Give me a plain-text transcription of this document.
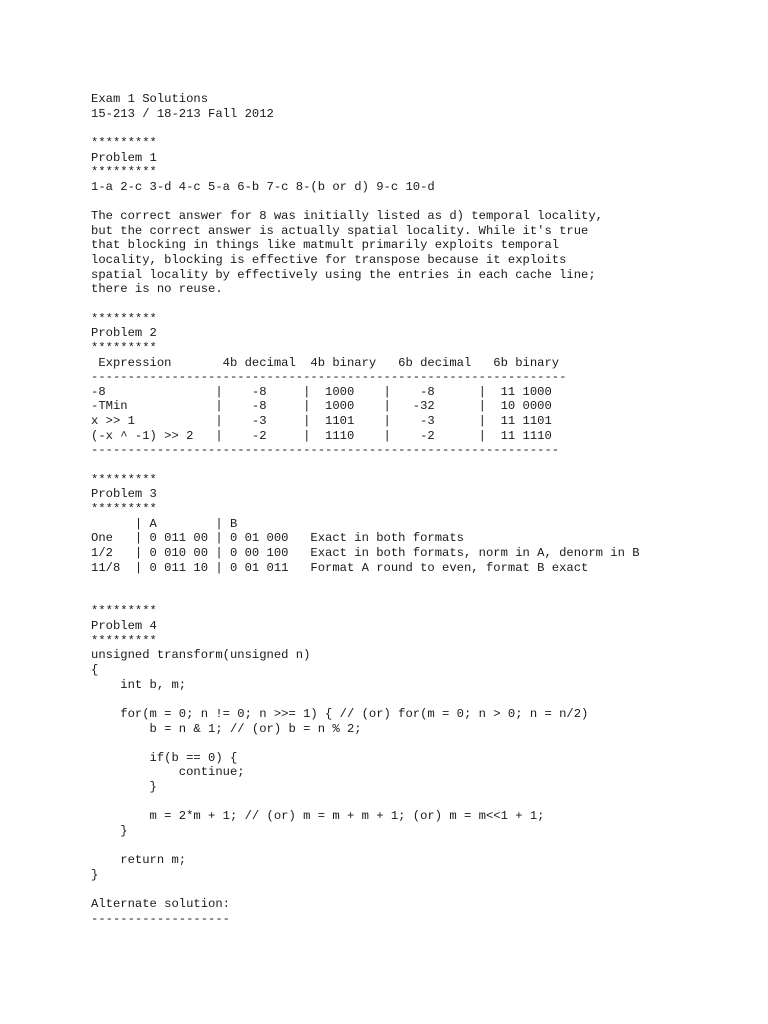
Exam 1 Solutions
15-213 / 18-213 Fall 2012
*********
Problem 1
*********
1-a 2-c 3-d 4-c 5-a 6-b 7-c 8-(b or d) 9-c 10-d
The correct answer for 8 was initially listed as d) temporal locality,
but the correct answer is actually spatial locality. While it's true
that blocking in things like matmult primarily exploits temporal
locality, blocking is effective for transpose because it exploits
spatial locality by effectively using the entries in each cache line;
there is no reuse.
*********
Problem 2
*********
Expression       4b decimal  4b binary   6b decimal   6b binary
-----------------------------------------------------------------
-8               |    -8     |  1000    |    -8      |  11 1000
-TMin            |    -8     |  1000    |   -32      |  10 0000
x >> 1           |    -3     |  1101    |    -3      |  11 1101
(-x ^ -1) >> 2   |    -2     |  1110    |    -2      |  11 1110
----------------------------------------------------------------
*********
Problem 3
*********
| A        | B
One   | 0 011 00 | 0 01 000   Exact in both formats
1/2   | 0 010 00 | 0 00 100   Exact in both formats, norm in A, denorm in B
11/8  | 0 011 10 | 0 01 011   Format A round to even, format B exact
*********
Problem 4
*********
unsigned transform(unsigned n)
{
int b, m;
for(m = 0; n != 0; n >>= 1) { // (or) for(m = 0; n > 0; n = n/2)
b = n & 1; // (or) b = n % 2;
if(b == 0) {
continue;
}
m = 2*m + 1; // (or) m = m + m + 1; (or) m = m<<1 + 1;
}
return m;
}
Alternate solution:
-------------------
